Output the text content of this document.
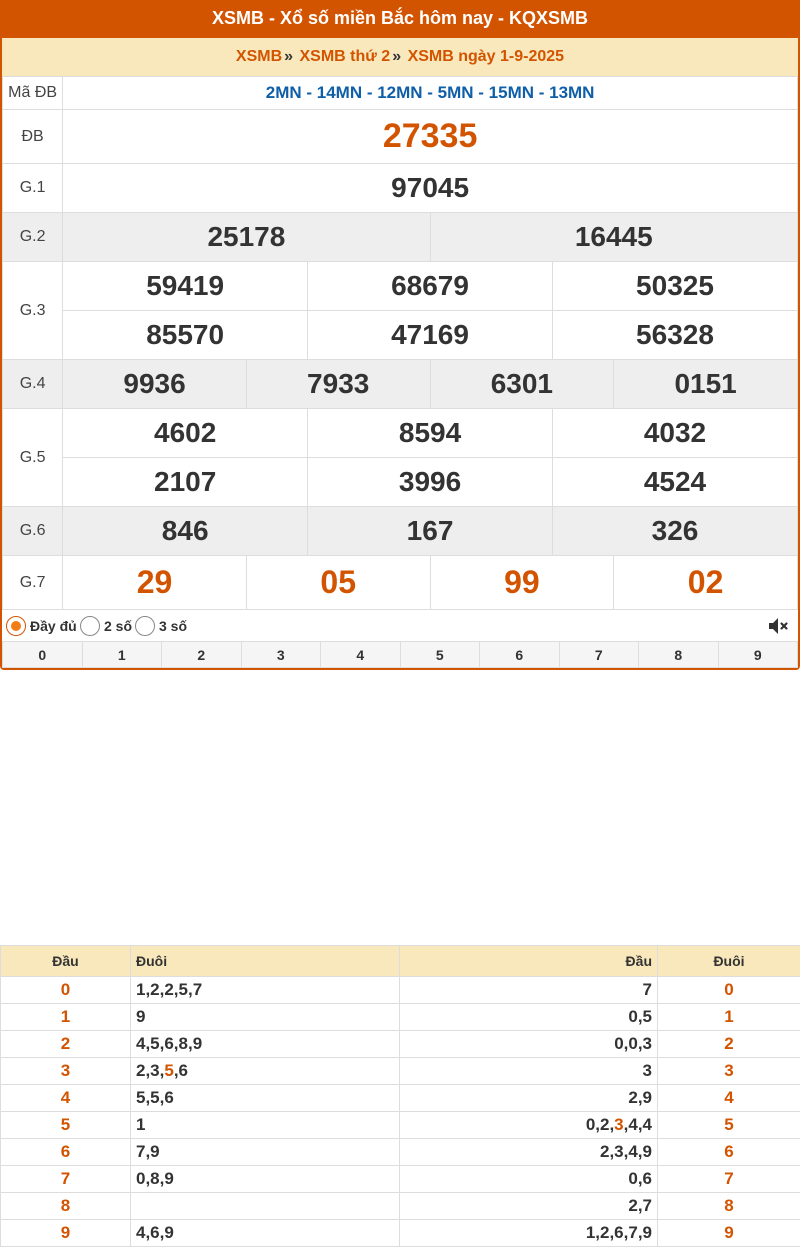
XSMB - Xổ số miền Bắc hôm nay - KQXSMB
XSMB » XSMB thứ 2 » XSMB ngày 1-9-2025
Mã ĐB	2MN - 14MN - 12MN - 5MN - 15MN - 13MN					
ĐB	27335					
G.1	97045					
G.2	25178			16445		
G.3	59419		68679		50325	
	85570		47169		56328	
G.4	9936	7933		6301		0151
G.5	4602		8594		4032	
	2107		3996		4524	
G.6	846		167		326	
G.7	29	05		99		02
Đầy đủ 2 số 3 số
0	1	2	3	4	5	6	7	8	9
Đầu	Đuôi	Đầu	Đuôi
0	1,2,2,5,7	7	0
1	9	0,5	1
2	4,5,6,8,9	0,0,3	2
3	2,3,5,6	3	3
4	5,5,6	2,9	4
5	1	0,2,3,4,4	5
6	7,9	2,3,4,9	6
7	0,8,9	0,6	7
8		2,7	8
9	4,6,9	1,2,6,7,9	9
